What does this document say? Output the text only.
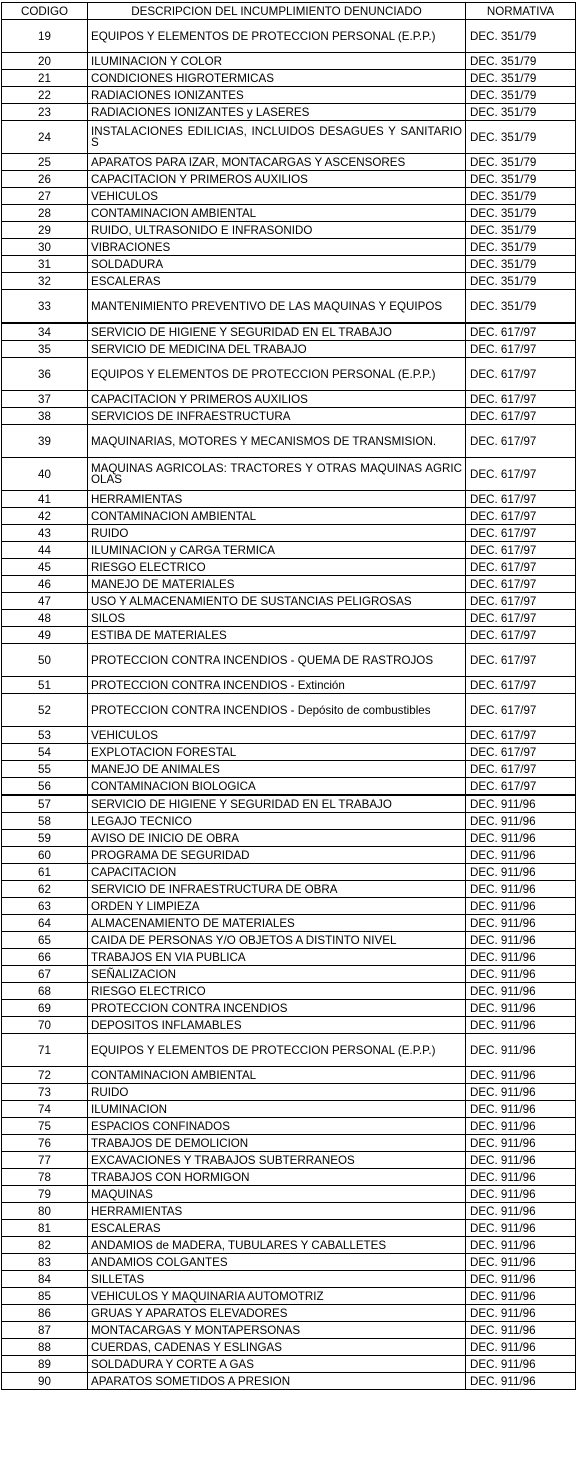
CODIGO	DESCRIPCION DEL INCUMPLIMIENTO DENUNCIADO	NORMATIVA
19	EQUIPOS Y ELEMENTOS DE PROTECCION PERSONAL (E.P.P.)	DEC. 351/79
20	ILUMINACION Y COLOR	DEC. 351/79
21	CONDICIONES HIGROTERMICAS	DEC. 351/79
22	RADIACIONES IONIZANTES	DEC. 351/79
23	RADIACIONES IONIZANTES y LASERES	DEC. 351/79
24	INSTALACIONES EDILICIAS, INCLUIDOS DESAGUES Y SANITARIOS	DEC. 351/79
25	APARATOS PARA IZAR, MONTACARGAS Y ASCENSORES	DEC. 351/79
26	CAPACITACION Y PRIMEROS AUXILIOS	DEC. 351/79
27	VEHICULOS	DEC. 351/79
28	CONTAMINACION AMBIENTAL	DEC. 351/79
29	RUIDO, ULTRASONIDO E INFRASONIDO	DEC. 351/79
30	VIBRACIONES	DEC. 351/79
31	SOLDADURA	DEC. 351/79
32	ESCALERAS	DEC. 351/79
33	MANTENIMIENTO PREVENTIVO DE LAS MAQUINAS Y EQUIPOS	DEC. 351/79
34	SERVICIO DE HIGIENE Y SEGURIDAD EN EL TRABAJO	DEC. 617/97
35	SERVICIO DE MEDICINA DEL TRABAJO	DEC. 617/97
36	EQUIPOS Y ELEMENTOS DE PROTECCION PERSONAL (E.P.P.)	DEC. 617/97
37	CAPACITACION Y PRIMEROS AUXILIOS	DEC. 617/97
38	SERVICIOS DE INFRAESTRUCTURA	DEC. 617/97
39	MAQUINARIAS, MOTORES Y MECANISMOS DE TRANSMISION.	DEC. 617/97
40	MAQUINAS AGRICOLAS: TRACTORES Y OTRAS MAQUINAS AGRICOLAS	DEC. 617/97
41	HERRAMIENTAS	DEC. 617/97
42	CONTAMINACION AMBIENTAL	DEC. 617/97
43	RUIDO	DEC. 617/97
44	ILUMINACION y CARGA TERMICA	DEC. 617/97
45	RIESGO ELECTRICO	DEC. 617/97
46	MANEJO DE MATERIALES	DEC. 617/97
47	USO Y ALMACENAMIENTO DE SUSTANCIAS PELIGROSAS	DEC. 617/97
48	SILOS	DEC. 617/97
49	ESTIBA DE MATERIALES	DEC. 617/97
50	PROTECCION CONTRA INCENDIOS - QUEMA DE RASTROJOS	DEC. 617/97
51	PROTECCION CONTRA INCENDIOS - Extinción	DEC. 617/97
52	PROTECCION CONTRA INCENDIOS - Depósito de combustibles	DEC. 617/97
53	VEHICULOS	DEC. 617/97
54	EXPLOTACION FORESTAL	DEC. 617/97
55	MANEJO DE ANIMALES	DEC. 617/97
56	CONTAMINACION BIOLOGICA	DEC. 617/97
57	SERVICIO DE HIGIENE Y SEGURIDAD EN EL TRABAJO	DEC. 911/96
58	LEGAJO TECNICO	DEC. 911/96
59	AVISO DE INICIO DE OBRA	DEC. 911/96
60	PROGRAMA DE SEGURIDAD	DEC. 911/96
61	CAPACITACION	DEC. 911/96
62	SERVICIO DE INFRAESTRUCTURA DE OBRA	DEC. 911/96
63	ORDEN Y LIMPIEZA	DEC. 911/96
64	ALMACENAMIENTO DE MATERIALES	DEC. 911/96
65	CAIDA DE PERSONAS Y/O OBJETOS A DISTINTO NIVEL	DEC. 911/96
66	TRABAJOS EN VIA PUBLICA	DEC. 911/96
67	SEÑALIZACION	DEC. 911/96
68	RIESGO ELECTRICO	DEC. 911/96
69	PROTECCION CONTRA INCENDIOS	DEC. 911/96
70	DEPOSITOS INFLAMABLES	DEC. 911/96
71	EQUIPOS Y ELEMENTOS DE PROTECCION PERSONAL (E.P.P.)	DEC. 911/96
72	CONTAMINACION AMBIENTAL	DEC. 911/96
73	RUIDO	DEC. 911/96
74	ILUMINACION	DEC. 911/96
75	ESPACIOS CONFINADOS	DEC. 911/96
76	TRABAJOS DE DEMOLICION	DEC. 911/96
77	EXCAVACIONES Y TRABAJOS SUBTERRANEOS	DEC. 911/96
78	TRABAJOS CON HORMIGON	DEC. 911/96
79	MAQUINAS	DEC. 911/96
80	HERRAMIENTAS	DEC. 911/96
81	ESCALERAS	DEC. 911/96
82	ANDAMIOS de MADERA, TUBULARES Y CABALLETES	DEC. 911/96
83	ANDAMIOS COLGANTES	DEC. 911/96
84	SILLETAS	DEC. 911/96
85	VEHICULOS Y MAQUINARIA AUTOMOTRIZ	DEC. 911/96
86	GRUAS Y APARATOS ELEVADORES	DEC. 911/96
87	MONTACARGAS Y MONTAPERSONAS	DEC. 911/96
88	CUERDAS, CADENAS Y ESLINGAS	DEC. 911/96
89	SOLDADURA Y CORTE A GAS	DEC. 911/96
90	APARATOS SOMETIDOS A PRESION	DEC. 911/96
